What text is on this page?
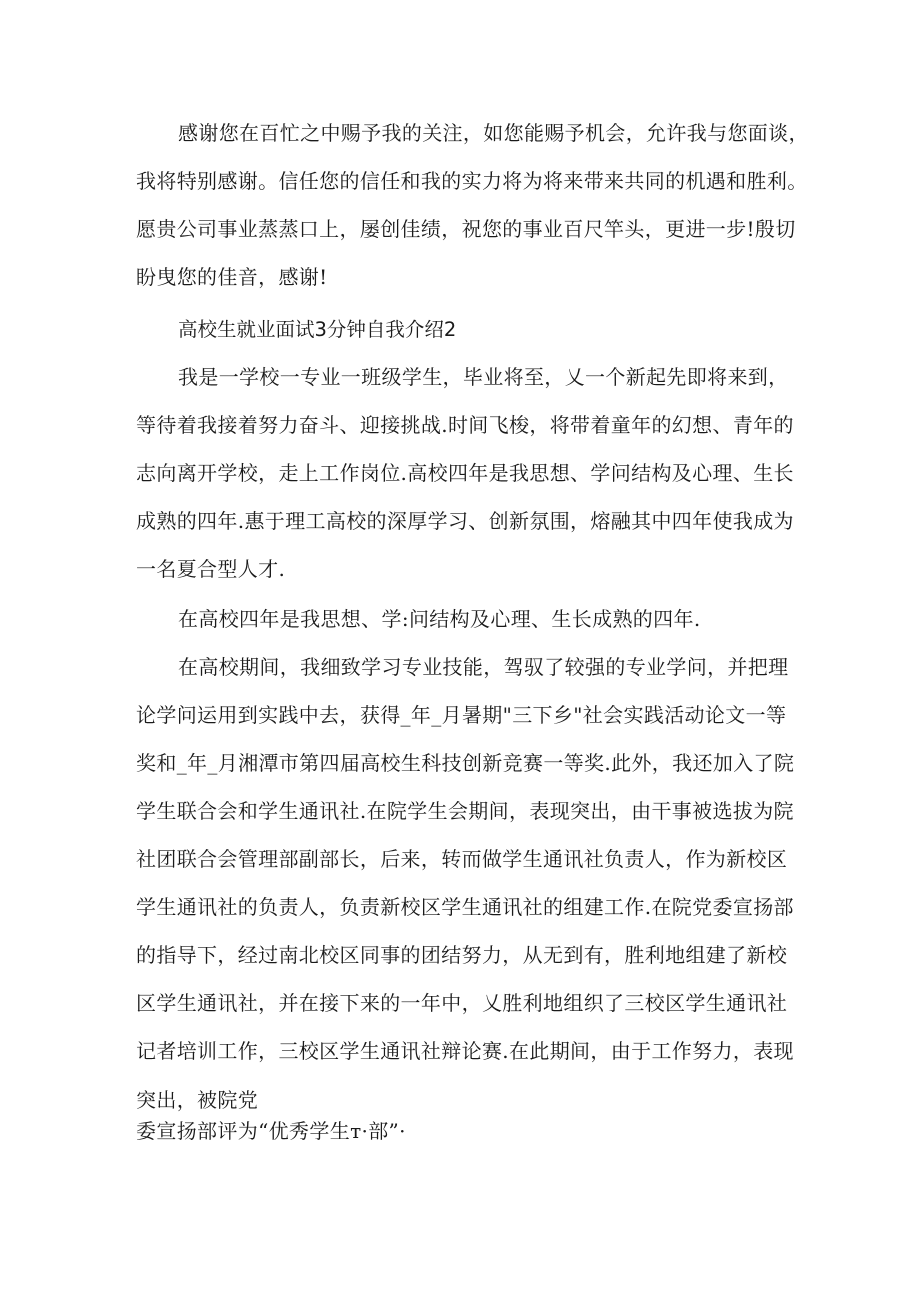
感谢您在百忙之中赐予我的关注，如您能赐予机会，允许我与您面谈，
我将特别感谢。信任您的信任和我的实力将为将来带来共同的机遇和胜利。
愿贵公司事业蒸蒸口上，屡创佳绩，祝您的事业百尺竿头，更进一步!殷切
盼曳您的佳音，感谢!
高校生就业面试3分钟自我介绍2
我是一学校一专业一班级学生，毕业将至，乂一个新起先即将来到，
等待着我接着努力奋斗、迎接挑战.时间飞梭，将带着童年的幻想、青年的
志向离开学校，走上工作岗位.高校四年是我思想、学问结构及心理、生长
成熟的四年.惠于理工高校的深厚学习、创新氛围，熔融其中四年使我成为
一名夏合型人才.
在高校四年是我思想、学:问结构及心理、生长成熟的四年.
在高校期间，我细致学习专业技能，驾驭了较强的专业学问，并把理
论学问运用到实践中去，获得_年_月暑期"三下乡"社会实践活动论文一等
奖和_年_月湘潭市第四届高校生科技创新竞赛一等奖.此外，我还加入了院
学生联合会和学生通讯社.在院学生会期间，表现突出，由干事被选拔为院
社团联合会管理部副部长，后来，转而做学生通讯社负责人，作为新校区
学生通讯社的负责人，负责新校区学生通讯社的组建工作.在院党委宣扬部
的指导下，经过南北校区同事的团结努力，从无到有，胜利地组建了新校
区学生通讯社，并在接下来的一年中，乂胜利地组织了三校区学生通讯社
记者培训工作，三校区学生通讯社辩论赛.在此期间，由于工作努力，表现
突出，被院党
委宣扬部评为“优秀学生т·部”·
